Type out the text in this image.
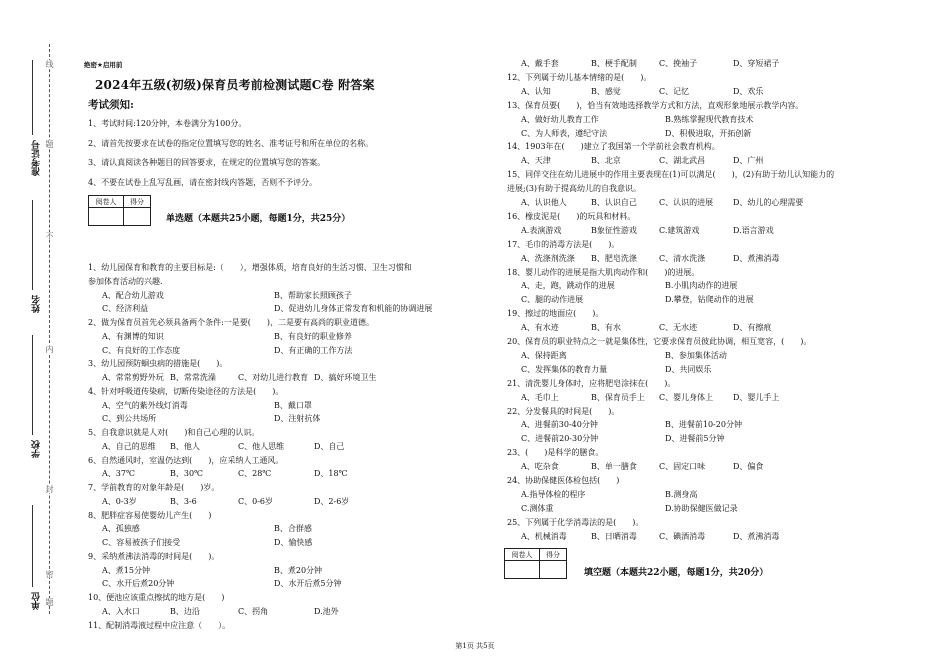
线
题
不
内
封
密
题
准考证号
姓名
学校
单位
绝密★启用前
2024年五级(初级)保育员考前检测试题C卷 附答案
考试须知:
1、考试时间:120分钟，本卷满分为100分。
2、请首先按要求在试卷的指定位置填写您的姓名、准考证号和所在单位的名称。
3、请认真阅读各种题目的回答要求，在规定的位置填写您的答案。
4、不要在试卷上乱写乱画，请在密封线内答题，否则不予评分。
阅卷人	得分

单选题（本题共25小题，每题1分，共25分）
1、幼儿园保育和教育的主要目标是:（　　），增强体质，培育良好的生活习惯、卫生习惯和
参加体育活动的兴趣.
A、配合幼儿游戏	B、帮助家长照顾孩子
C、经济利益	D、促进幼儿身体正常发育和机能的协调进展
2、做为保育员首先必须具备两个条件:一是要(　　)，二是要有高尚的职业道德。
A、有渊博的知识	B、有良好的职业修养
C、有良好的工作态度	D、有正确的工作方法
3、幼儿园预防蛔虫病的措施是(　　)。
A、常常剪野外玩 B、常常洗澡	C、对幼儿进行教育 D、搞好环境卫生
4、针对呼吸道传染病，切断传染途径的方法是(　　)。
A、空气的紫外线灯消毒	B、戴口罩
C、到公共场所	D、注射抗体
5、自我意识就是人对(　　)和自己心理的认识。
A、自己的思维 B、他人	C、他人思维	D、自己
6、自然通风时，室温仍达到(　　)，应采纳人工通风。
A、37℃	B、30℃	C、28℃	D、18℃
7、学前教育的对象年龄是(　　)岁。
A、0-3岁	B、3-6	C、0-6岁	D、2-6岁
8、肥胖症容易使婴幼儿产生(　　)
A、孤独感	B、合群感
C、容易被孩子们接受	D、愉快感
9、采纳煮沸法消毒的时间是(　　)。
A、煮15分钟	B、煮20分钟
C、水开后煮20分钟	D、水开后煮5分钟
10、便池应该重点擦拭的地方是(　　)
A、入水口	B、边沿	C、拐角	D.池外
11、配制消毒液过程中应注意（　　）。
A、戴手套	B、梗手配制	C、挽袖子	D、穿短裙子
12、下列属于幼儿基本情绪的是(　　)。
A、认知	B、感觉	C、记忆	D、欢乐
13、保育员要(　　)，恰当有效地选择教学方式和方法，直观形象地展示教学内容。
A、做好幼儿教育工作	B.熟练掌握现代教育技术
C、为人师表，遵纪守法	D、积极进取，开拓创新
14、1903年在(　　)建立了我国第一个学前社会教育机构。
A、天津	B、北京	C、湖北武昌	D、广州
15、同伴交往在幼儿进展中的作用主要表现在(1)可以满足(　　)，(2)有助于幼儿认知能力的
进展;(3)有助于提高幼儿的自我意识。
A、认识他人	B、认识自己	C、认识的进展 D、幼儿的心理需要
16、橡皮泥是(　　)的玩具和材料。
A.表演游戏	B象征性游戏	C.建筑游戏	D.语言游戏
17、毛巾的消毒方法是(　　)。
A、洗涤剂洗涤 B、肥皂洗涤	C、清水洗涤	D、煮沸消毒
18、婴儿动作的进展是指大肌肉动作和(　　)的进展。
A、走，跑，跳动作的进展	B.小肌肉动作的进展
C、腿的动作进展	D.攀登，钻爬动作的进展
19、擦过的地面应(　　)。
A、有水迹	B、有水	C、无水迹	D、有擦痕
20、保育员的职业特点之一就是集体性，它要求保育员彼此协调，相互宽容，(　　)。
A、保持距离	B、参加集体活动
C、发挥集体的教育力量	D、共同娱乐
21、清洗婴儿身体时，应将肥皂涂抹在(　　)。
A、毛巾上	B、保育员手上 C、婴儿身体上 D、婴儿手上
22、分发餐具的时间是(　　)。
A、进餐前30-40分钟	B、进餐前10-20分钟
C、进餐前20-30分钟	D、进餐前5分钟
23、(　　)是科学的膳食。
A、吃杂食	B、单一膳食	C、固定口味	D、偏食
24、协助保健医体检包括(　　)
A.指导体检的程序	B.测身高
C.测体重	D.协助保健医做记录
25、下列属于化学消毒法的是(　　)。
A、机械消毒	B、日晒消毒	C、碘酒消毒	D、煮沸消毒
阅卷人	得分

填空题（本题共22小题，每题1分，共20分）
第1页 共5页
